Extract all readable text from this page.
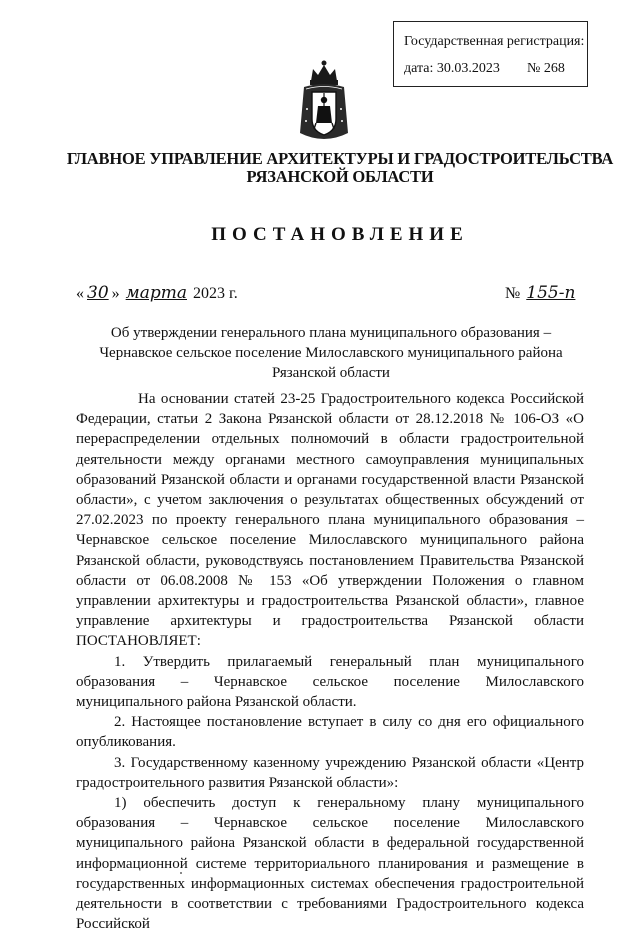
Государственная регистрация:
дата: 30.03.2023 № 268
ГЛАВНОЕ УПРАВЛЕНИЕ АРХИТЕКТУРЫ И ГРАДОСТРОИТЕЛЬСТВА
РЯЗАНСКОЙ ОБЛАСТИ
ПОСТАНОВЛЕНИЕ
« 30 » марта 2023 г.	№ 155-п
Об утверждении генерального плана муниципального образования –
Чернавское сельское поселение Милославского муниципального района
Рязанской области

На основании статей 23-25 Градостроительного кодекса Российской Федерации, статьи 2 Закона Рязанской области от 28.12.2018 № 106-ОЗ «О перераспределении отдельных полномочий в области градостроительной деятельности между органами местного самоуправления муниципальных образований Рязанской области и органами государственной власти Рязанской области», с учетом заключения о результатах общественных обсуждений от 27.02.2023 по проекту генерального плана муниципального образования – Чернавское сельское поселение Милославского муниципального района Рязанской области, руководствуясь постановлением Правительства Рязанской области от 06.08.2008 № 153 «Об утверждении Положения о главном управлении архитектуры и градостроительства Рязанской области», главное управление архитектуры и градостроительства Рязанской области ПОСТАНОВЛЯЕТ:

1. Утвердить прилагаемый генеральный план муниципального образования – Чернавское сельское поселение Милославского муниципального района Рязанской области.

2. Настоящее постановление вступает в силу со дня его официального опубликования.

3. Государственному казенному учреждению Рязанской области «Центр градостроительного развития Рязанской области»:

1) обеспечить доступ к генеральному плану муниципального образования – Чернавское сельское поселение Милославского муниципального района Рязанской области в федеральной государственной информационной системе территориального планирования и размещение в государственных информационных системах обеспечения градостроительной деятельности в соответствии с требованиями Градостроительного кодекса Российской
